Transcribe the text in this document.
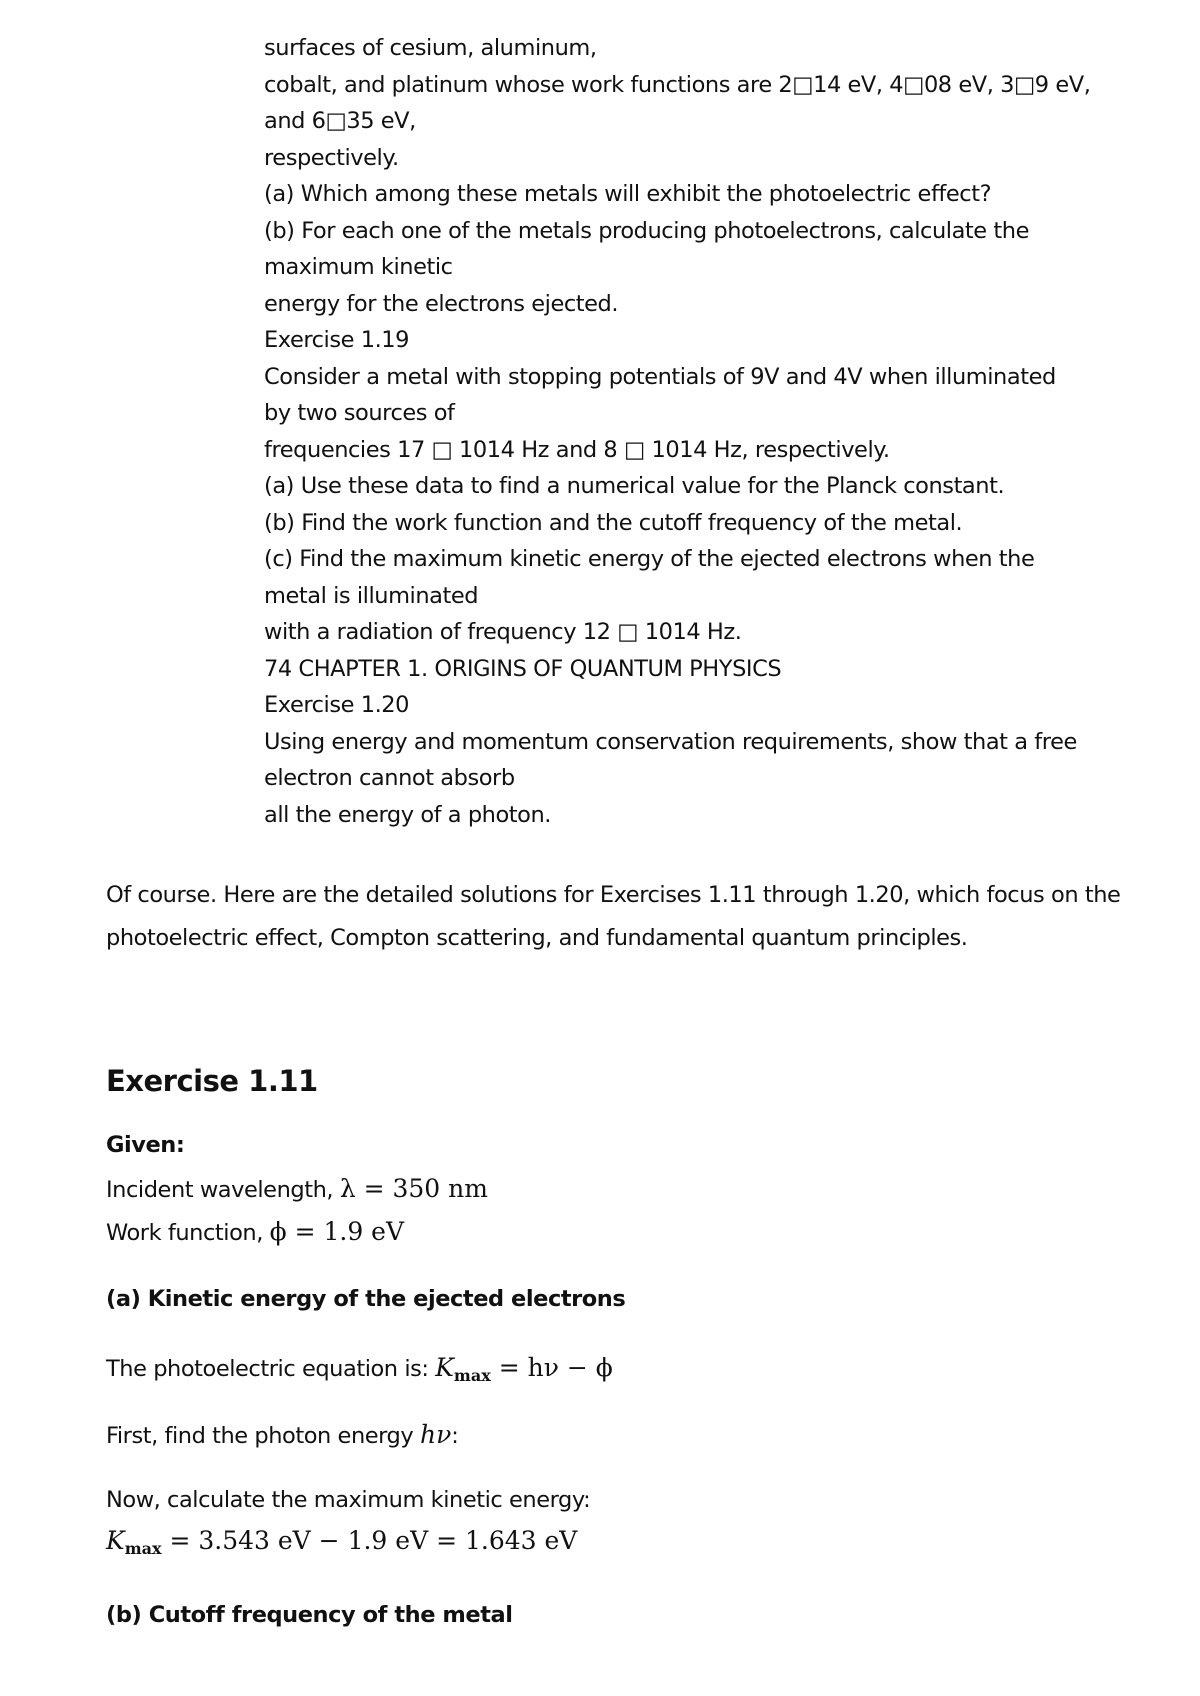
surfaces of cesium, aluminum,
cobalt, and platinum whose work functions are 2□14 eV, 4□08 eV, 3□9 eV,
and 6□35 eV,
respectively.
(a) Which among these metals will exhibit the photoelectric effect?
(b) For each one of the metals producing photoelectrons, calculate the
maximum kinetic
energy for the electrons ejected.
Exercise 1.19
Consider a metal with stopping potentials of 9V and 4V when illuminated
by two sources of
frequencies 17 □ 1014 Hz and 8 □ 1014 Hz, respectively.
(a) Use these data to find a numerical value for the Planck constant.
(b) Find the work function and the cutoff frequency of the metal.
(c) Find the maximum kinetic energy of the ejected electrons when the
metal is illuminated
with a radiation of frequency 12 □ 1014 Hz.
74 CHAPTER 1. ORIGINS OF QUANTUM PHYSICS
Exercise 1.20
Using energy and momentum conservation requirements, show that a free
electron cannot absorb
all the energy of a photon.
Of course. Here are the detailed solutions for Exercises 1.11 through 1.20, which focus on the
photoelectric effect, Compton scattering, and fundamental quantum principles.
Exercise 1.11
Given:
Incident wavelength, λ = 350 nm
Work function, ϕ = 1.9 eV
(a) Kinetic energy of the ejected electrons
The photoelectric equation is: $K_{max} = h\nu - \phi$
First, find the photon energy hν:
Now, calculate the maximum kinetic energy:
$K_{max} = 3.543$ eV − 1.9 eV = 1.643 eV
(b) Cutoff frequency of the metal
